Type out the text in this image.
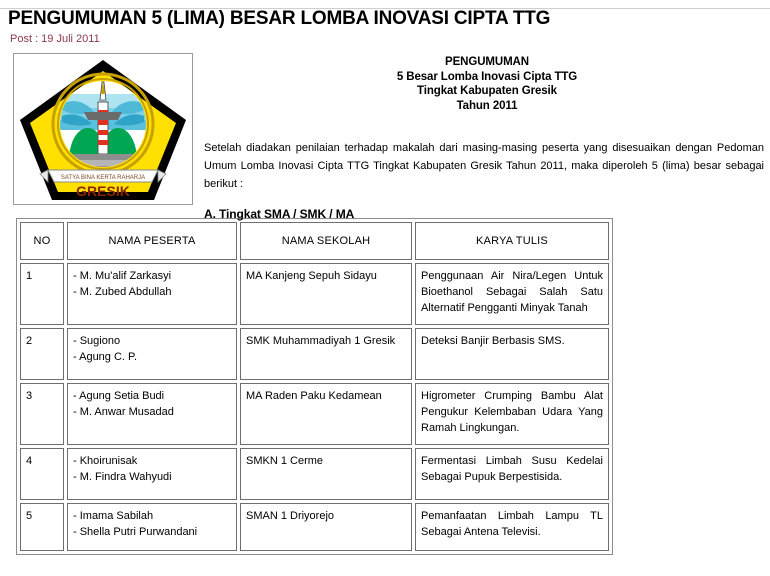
PENGUMUMAN 5 (LIMA) BESAR LOMBA INOVASI CIPTA TTG
Post : 19 Juli 2011
SATYA BINA KERTA RAHARJA
GRESIK
PENGUMUMAN
5 Besar Lomba Inovasi Cipta TTG
Tingkat Kabupaten Gresik
Tahun 2011
Setelah diadakan penilaian terhadap makalah dari masing-masing peserta yang disesuaikan dengan Pedoman Umum Lomba Inovasi Cipta TTG Tingkat Kabupaten Gresik Tahun 2011, maka diperoleh 5 (lima) besar sebagai berikut :
A. Tingkat SMA / SMK / MA
NO	NAMA PESERTA	NAMA SEKOLAH	KARYA TULIS
1	- M. Mu'alif Zarkasyi
- M. Zubed Abdullah	MA Kanjeng Sepuh Sidayu	Penggunaan Air Nira/Legen Untuk Bioethanol Sebagai Salah Satu Alternatif Pengganti Minyak Tanah
2	- Sugiono
- Agung C. P.	SMK Muhammadiyah 1 Gresik	Deteksi Banjir Berbasis SMS.
3	- Agung Setia Budi
- M. Anwar Musadad	MA Raden Paku Kedamean	Higrometer Crumping Bambu Alat Pengukur Kelembaban Udara Yang Ramah Lingkungan.
4	- Khoirunisak
- M. Findra Wahyudi	SMKN 1 Cerme	Fermentasi Limbah Susu Kedelai Sebagai Pupuk Berpestisida.
5	- Imama Sabilah
- Shella Putri Purwandani	SMAN 1 Driyorejo	Pemanfaatan Limbah Lampu TL Sebagai Antena Televisi.
